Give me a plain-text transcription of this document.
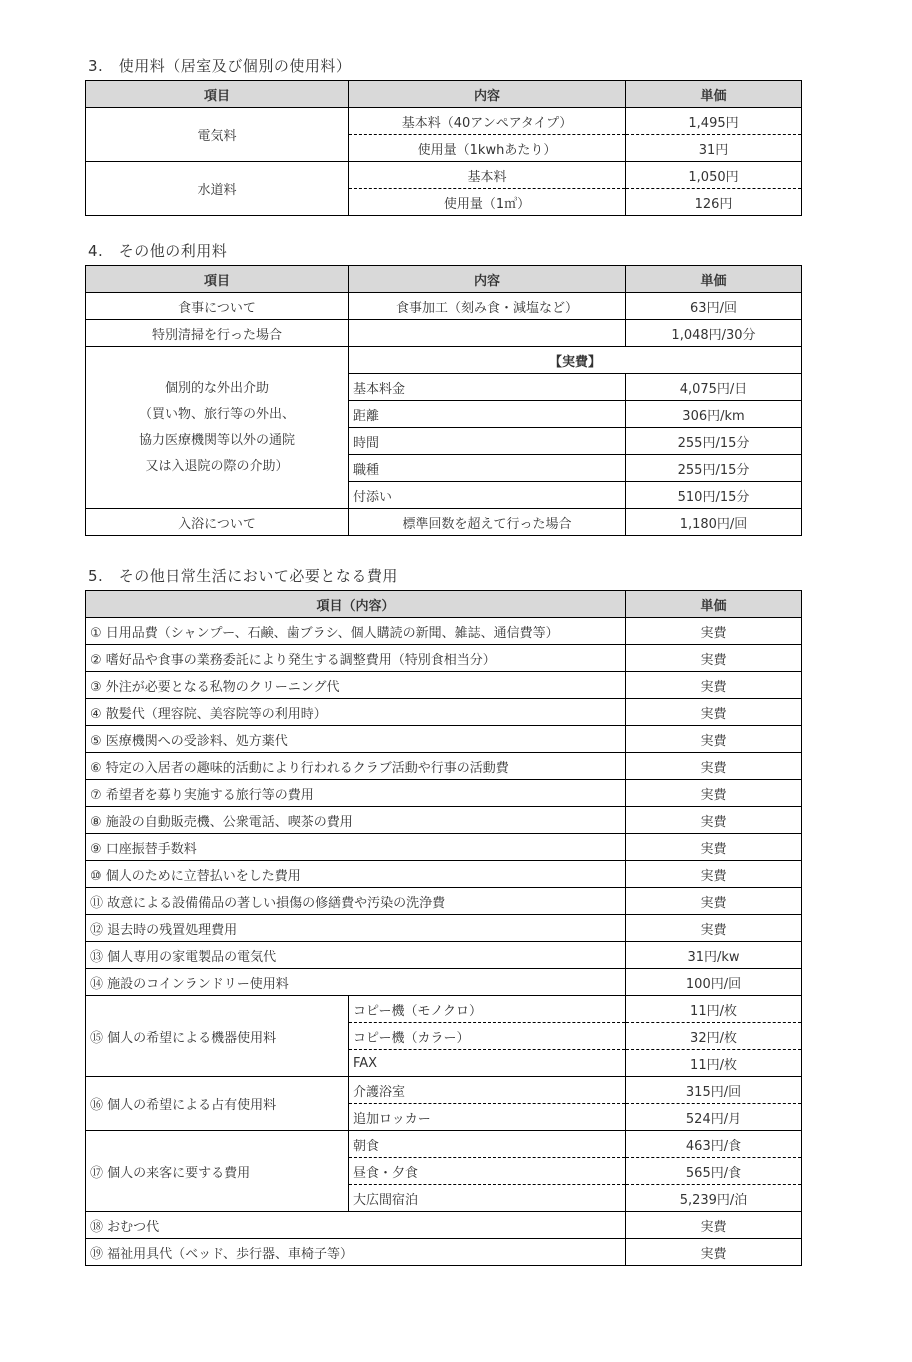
3.　使用料（居室及び個別の使用料）
項目	内容	単価
電気料	基本料（40アンペアタイプ）	1,495円
	使用量（1kwhあたり）	31円
水道料	基本料	1,050円
	使用量（1㎥）	126円
4.　その他の利用料
項目	内容	単価
食事について	食事加工（刻み食・減塩など）	63円/回
特別清掃を行った場合		1,048円/30分

個別的な外出介助
（買い物、旅行等の外出、
協力医療機関等以外の通院
又は入退院の際の介助）	【実費】	
	基本料金	4,075円/日
	距離	306円/km
	時間	255円/15分
	職種	255円/15分
	付添い	510円/15分
入浴について	標準回数を超えて行った場合	1,180円/回
5.　その他日常生活において必要となる費用
項目（内容）		単価
① 日用品費（シャンプー、石鹸、歯ブラシ、個人購読の新聞、雑誌、通信費等）		実費
② 嗜好品や食事の業務委託により発生する調整費用（特別食相当分）		実費
③ 外注が必要となる私物のクリーニング代		実費
④ 散髪代（理容院、美容院等の利用時）		実費
⑤ 医療機関への受診料、処方薬代		実費
⑥ 特定の入居者の趣味的活動により行われるクラブ活動や行事の活動費		実費
⑦ 希望者を募り実施する旅行等の費用		実費
⑧ 施設の自動販売機、公衆電話、喫茶の費用		実費
⑨ 口座振替手数料		実費
⑩ 個人のために立替払いをした費用		実費
⑪ 故意による設備備品の著しい損傷の修繕費や汚染の洗浄費		実費
⑫ 退去時の残置処理費用		実費
⑬ 個人専用の家電製品の電気代		31円/kw
⑭ 施設のコインランドリー使用料		100円/回
⑮ 個人の希望による機器使用料	コピー機（モノクロ）	11円/枚
	コピー機（カラー）	32円/枚
	FAX	11円/枚
⑯ 個人の希望による占有使用料	介護浴室	315円/回
	追加ロッカー	524円/月
⑰ 個人の来客に要する費用	朝食	463円/食
	昼食・夕食	565円/食
	大広間宿泊	5,239円/泊
⑱ おむつ代		実費
⑲ 福祉用具代（ベッド、歩行器、車椅子等）		実費
